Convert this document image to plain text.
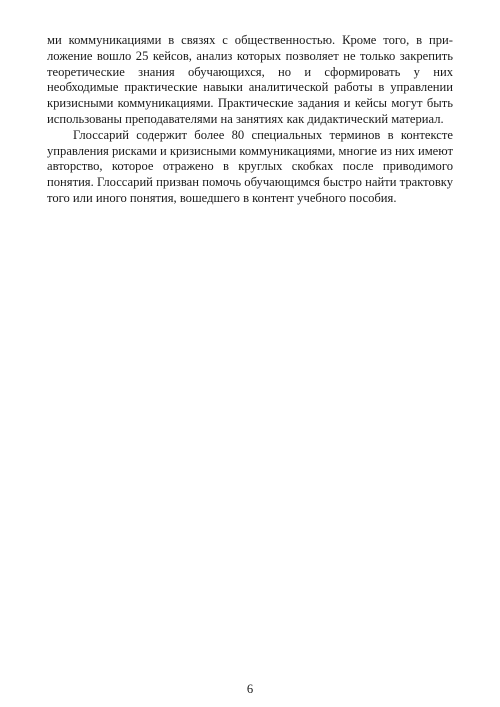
ми коммуникациями в связях с общественностью. Кроме того, в приложение вошло 25 кейсов, анализ которых позволяет не только закрепить теоретические знания обучающихся, но и сформировать у них необходимые практические навыки аналитической работы в управлении кризисными коммуникациями. Практические задания и кейсы могут быть использованы преподавателями на занятиях как дидактический материал.

Глоссарий содержит более 80 специальных терминов в контексте управления рисками и кризисными коммуникациями, многие из них имеют авторство, которое отражено в круглых скобках после приводимого понятия. Глоссарий призван помочь обучающимся быстро найти трактовку того или иного понятия, вошедшего в контент учебного пособия.

6
